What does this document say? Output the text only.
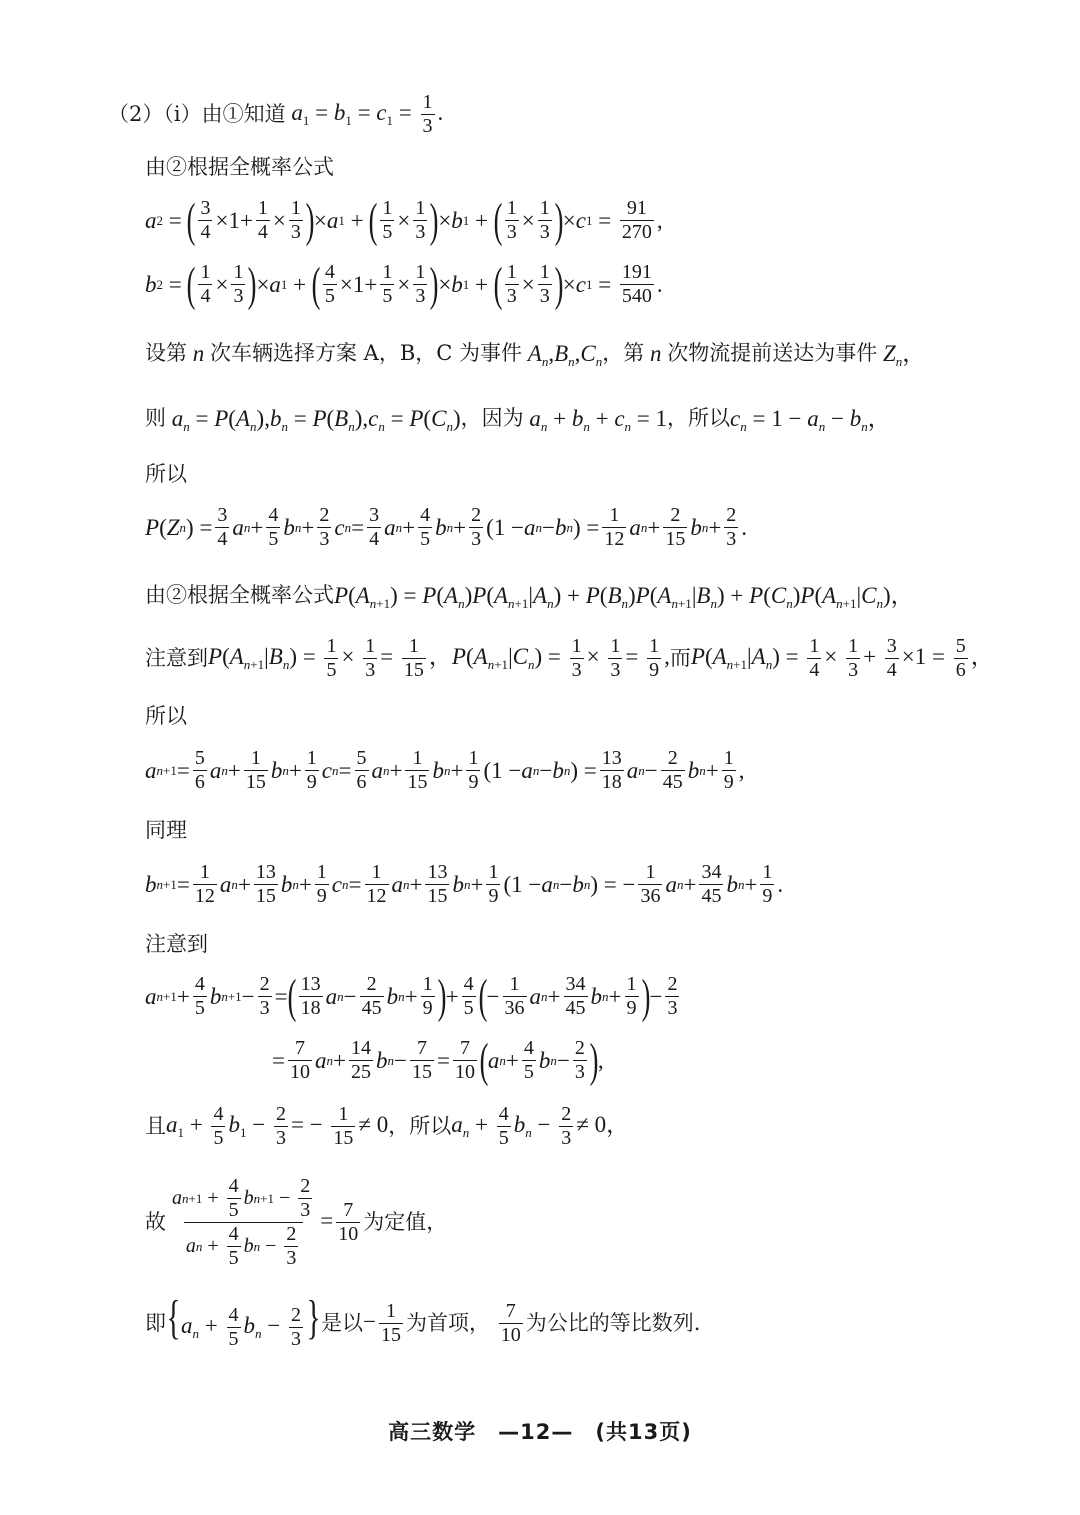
（2）（i）由①知道 $a_1 = b_1 = c_1 = \frac{1}{3}$ .
由②根据全概率公式
a 2 = ( $\frac{3}{4} \times 1+ \frac{1}{4} \times \frac{1}{3}$ ) × a 1 + ( $\frac{1}{5} \times \frac{1}{3}$ ) × b 1 + ( $\frac{1}{3} \times \frac{1}{3}$ ) × c $1 = \frac{91}{270}$ ,
b 2 = ( $\frac{1}{4} \times \frac{1}{3}$ ) × a 1 + ( $\frac{4}{5} \times 1+ \frac{1}{5} \times \frac{1}{3}$ ) × b 1 + ( $\frac{1}{3} \times \frac{1}{3}$ ) × c $1 = \frac{191}{540}$ .
设第 n 次车辆选择方案 A，B，C 为事件 $A_n,B_n,C_n$ ，第 n 次物流提前送达为事件 $Z_n$，
则 $a_n = P(A_n),b_n = P(B_n),c_n = P(C_n)$ ，因为 $a_n + b_n + c_n = 1$ ，所以 $c_n = 1 - a_n - b_n$，
所以
P ( Z n ) = $\frac{3}{4}$ a $n + \frac{4}{5}$ b $n + \frac{2}{3}$ c $n = \frac{3}{4}$ a $n + \frac{4}{5}$ b $n + \frac{2}{3} (1 - a$ n − b n ) = $\frac{1}{12}$ a $n + \frac{2}{15}$ b $n + \frac{2}{3}$ .
由②根据全概率公式 $P(A_{n+1}) = P(A_n)P(A_{n+1}|A_n) + P(B_n)P(A_{n+1}|B_n) + P(C_n)P(A_{n+1}|C_n)$，
注意到 $P(A_{n+1}|B_n) = \frac{1}{5} \times \frac{1}{3} = \frac{1}{15}$ ，$P(A_{n+1}|C_n) = \frac{1}{3} \times \frac{1}{3} = \frac{1}{9}$ , 而 $P(A_{n+1}|A_n) = \frac{1}{4} \times \frac{1}{3} + \frac{3}{4} \times 1 = \frac{5}{6}$ ，
所以
a $n+1 = \frac{5}{6}$ a $n + \frac{1}{15}$ b $n + \frac{1}{9}$ c $n = \frac{5}{6}$ a $n + \frac{1}{15}$ b $n + \frac{1}{9} (1 - a$ n − b n ) = $\frac{13}{18}$ a $n - \frac{2}{45}$ b $n + \frac{1}{9}$ ,
同理
b $n+1 = \frac{1}{12}$ a $n + \frac{13}{15}$ b $n + \frac{1}{9}$ c $n = \frac{1}{12}$ a $n + \frac{13}{15}$ b $n + \frac{1}{9} (1 - a$ n − b n ) = − $\frac{1}{36}$ a $n + \frac{34}{45}$ b $n + \frac{1}{9}$ .
注意到
a $n+1 + \frac{4}{5}$ b $n+1 - \frac{2}{3}$ = ( $\frac{13}{18}$ a $n - \frac{2}{45}$ b $n + \frac{1}{9}$ ) + $\frac{4}{5}$ ( − $\frac{1}{36}$ a $n + \frac{34}{45}$ b $n + \frac{1}{9}$ ) − $\frac{2}{3}$
= $\frac{7}{10}$ a $n + \frac{14}{25}$ b $n - \frac{7}{15} = \frac{7}{10}$ ( a $n + \frac{4}{5}$ b $n - \frac{2}{3}$ ) ,
且 $a_1 + \frac{4}{5} b_1 - \frac{2}{3}$ = − $\frac{1}{15} \ne 0$ ，所以 $a_n + \frac{4}{5} b_n - \frac{2}{3} \ne 0$，
故 $\frac{a n+1 + \frac{4}{5} b n+1 - \frac{2}{3}}{a n + \frac{4}{5} b n - \frac{2}{3}} = \frac{7}{10}$ 为定值，
即 {$a_n + \frac{4}{5} b_n - \frac{2}{3}$ } 是以 − $\frac{1}{15}$ 为首项，
$\frac{7}{10}$ 为公比的等比数列.
高三数学　—12—　(共13页)
